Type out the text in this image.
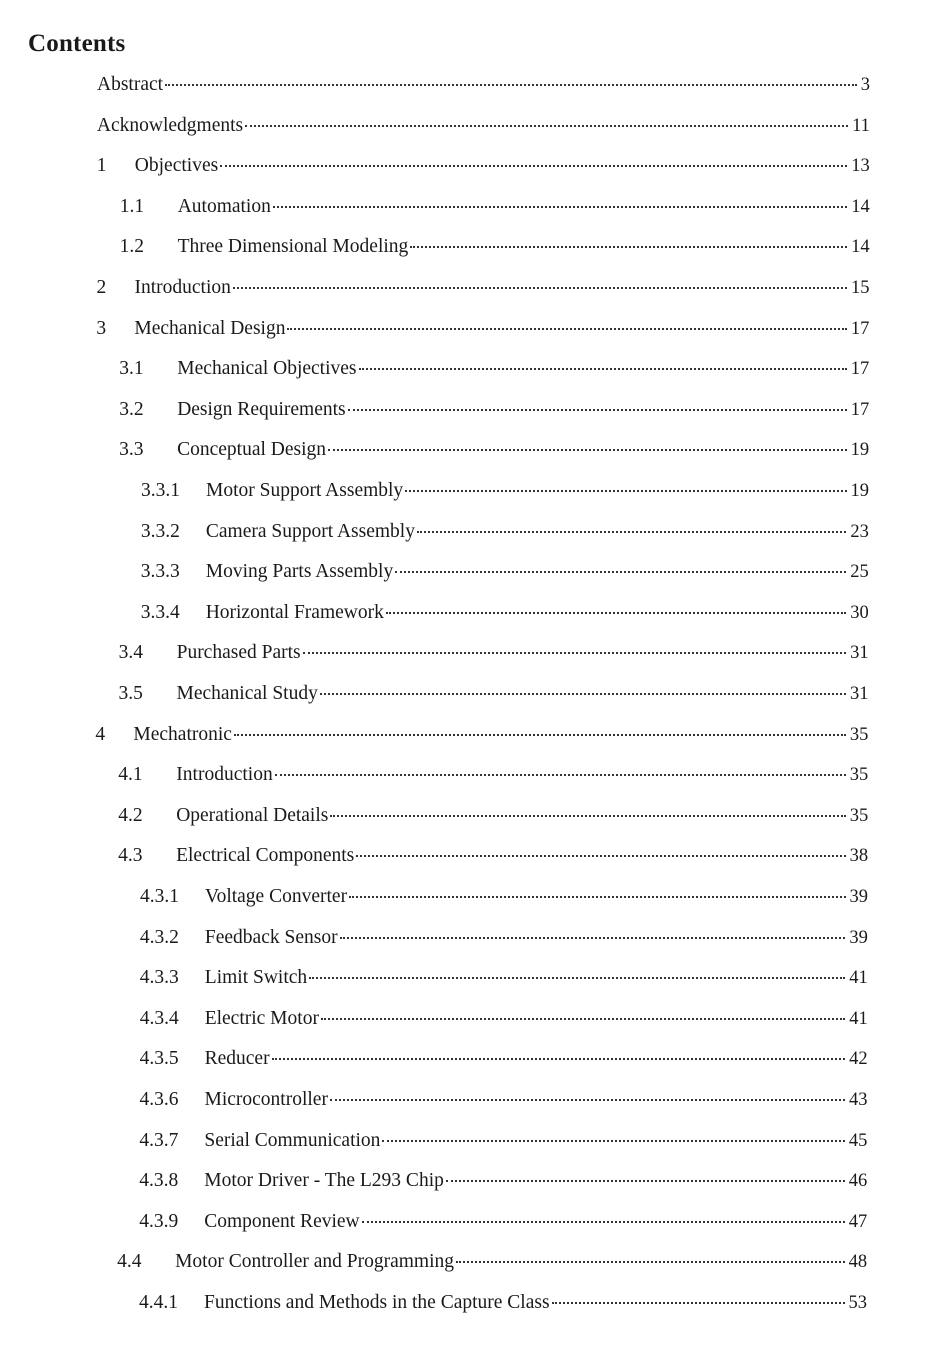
Contents
Abstract	3
Acknowledgments	11
1	Objectives	13
1.1	Automation	14
1.2	Three Dimensional Modeling	14
2	Introduction	15
3	Mechanical Design	17
3.1	Mechanical Objectives	17
3.2	Design Requirements	17
3.3	Conceptual Design	19
3.3.1	Motor Support Assembly	19
3.3.2	Camera Support Assembly	23
3.3.3	Moving Parts Assembly	25
3.3.4	Horizontal Framework	30
3.4	Purchased Parts	31
3.5	Mechanical Study	31
4	Mechatronic	35
4.1	Introduction	35
4.2	Operational Details	35
4.3	Electrical Components	38
4.3.1	Voltage Converter	39
4.3.2	Feedback Sensor	39
4.3.3	Limit Switch	41
4.3.4	Electric Motor	41
4.3.5	Reducer	42
4.3.6	Microcontroller	43
4.3.7	Serial Communication	45
4.3.8	Motor Driver - The L293 Chip	46
4.3.9	Component Review	47
4.4	Motor Controller and Programming	48
4.4.1	Functions and Methods in the Capture Class	53
